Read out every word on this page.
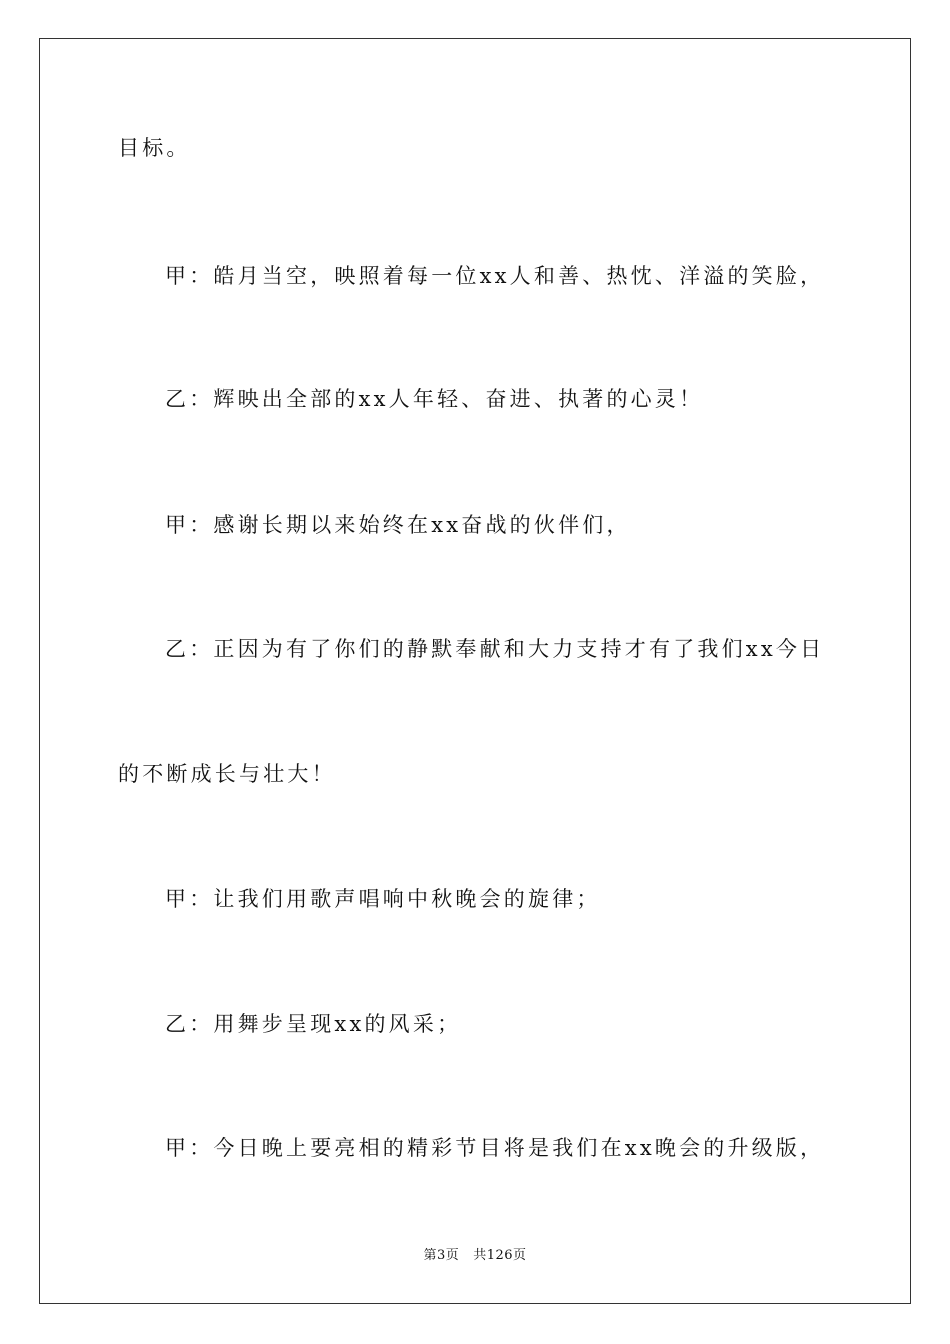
目标。

甲：皓月当空，映照着每一位xx人和善、热忱、洋溢的笑脸，

乙：辉映出全部的xx人年轻、奋进、执著的心灵！

甲：感谢长期以来始终在xx奋战的伙伴们，

乙：正因为有了你们的静默奉献和大力支持才有了我们xx今日

的不断成长与壮大！

甲：让我们用歌声唱响中秋晚会的旋律；

乙：用舞步呈现xx的风采；

甲：今日晚上要亮相的精彩节目将是我们在xx晚会的升级版，

第3页 共126页
